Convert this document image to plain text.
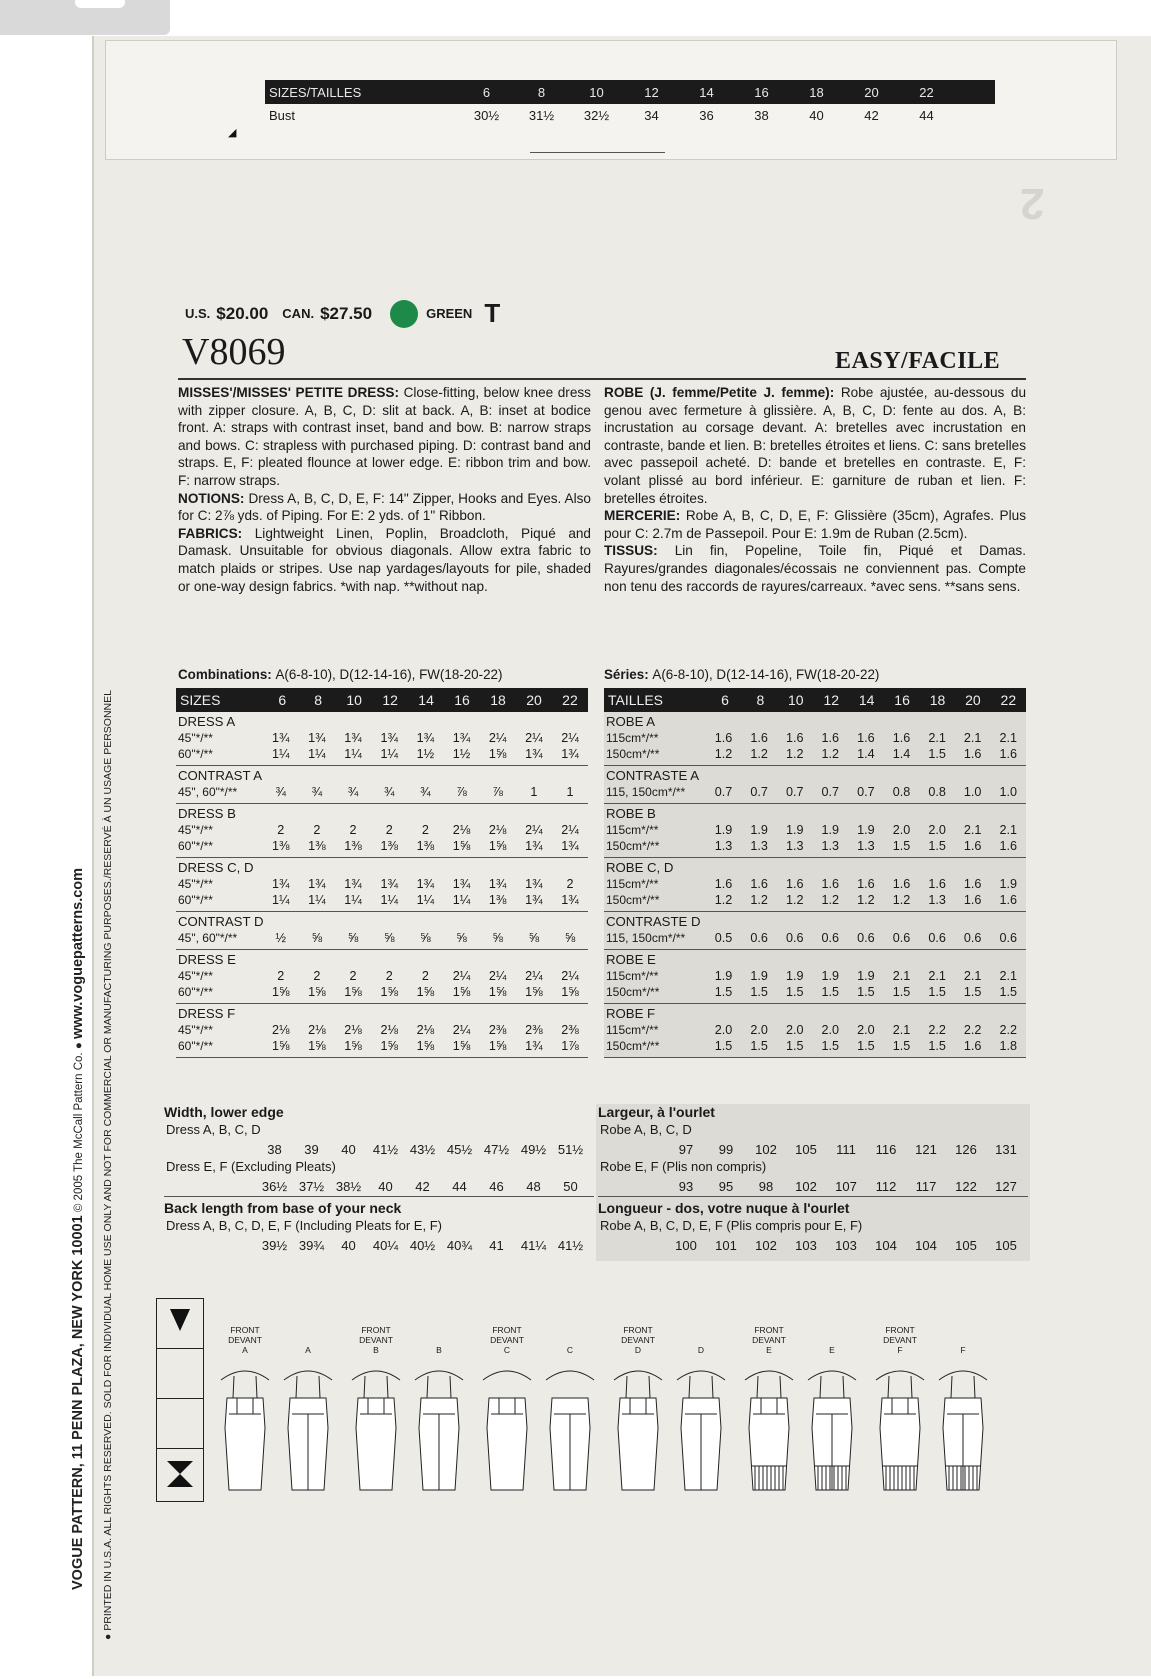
SIZES/TAILLES	6	8	10	12	14	16	18	20	22
Bust	30½	31½	32½	34	36	38	40	42	44
◢
2
VOGUE PATTERN, 11 PENN PLAZA, NEW YORK 10001 © 2005 The McCall Pattern Co. ● www.voguepatterns.com
● PRINTED IN U.S.A. ALL RIGHTS RESERVED. SOLD FOR INDIVIDUAL HOME USE ONLY AND NOT FOR COMMERCIAL OR MANUFACTURING PURPOSES./RESERVÉ À UN USAGE PERSONNEL
U.S. $20.00 CAN. $27.50	GREEN T
V8069	EASY/FACILE
MISSES'/MISSES' PETITE DRESS: Close-fitting, below knee dress with zipper closure. A, B, C, D: slit at back. A, B: inset at bodice front. A: straps with contrast inset, band and bow. B: narrow straps and bows. C: strapless with purchased piping. D: contrast band and straps. E, F: pleated flounce at lower edge. E: ribbon trim and bow. F: narrow straps.
NOTIONS: Dress A, B, C, D, E, F: 14" Zipper, Hooks and Eyes. Also for C: 2⅞ yds. of Piping. For E: 2 yds. of 1" Ribbon.
FABRICS: Lightweight Linen, Poplin, Broadcloth, Piqué and Damask. Unsuitable for obvious diagonals. Allow extra fabric to match plaids or stripes. Use nap yardages/layouts for pile, shaded or one-way design fabrics. *with nap. **without nap.
ROBE (J. femme/Petite J. femme): Robe ajustée, au-dessous du genou avec fermeture à glissière. A, B, C, D: fente au dos. A, B: incrustation au corsage devant. A: bretelles avec incrustation en contraste, bande et lien. B: bretelles étroites et liens. C: sans bretelles avec passepoil acheté. D: bande et bretelles en contraste. E, F: volant plissé au bord inférieur. E: garniture de ruban et lien. F: bretelles étroites.
MERCERIE: Robe A, B, C, D, E, F: Glissière (35cm), Agrafes. Plus pour C: 2.7m de Passepoil. Pour E: 1.9m de Ruban (2.5cm).
TISSUS: Lin fin, Popeline, Toile fin, Piqué et Damas. Rayures/grandes diagonales/écossais ne conviennent pas. Compte non tenu des raccords de rayures/carreaux. *avec sens. **sans sens.
Combinations: A(6-8-10), D(12-14-16), FW(18-20-22)	Séries: A(6-8-10), D(12-14-16), FW(18-20-22)
SIZES	6	8	10	12	14	16	18	20	22
DRESS A
45"*/**	1¾	1¾	1¾	1¾	1¾	1¾	2¼	2¼	2¼
60"*/**	1¼	1¼	1¼	1¼	1½	1½	1⅝	1¾	1¾
CONTRAST A
45", 60"*/**	¾	¾	¾	¾	¾	⅞	⅞	1	1
DRESS B
45"*/**	2	2	2	2	2	2⅛	2⅛	2¼	2¼
60"*/**	1⅜	1⅜	1⅜	1⅜	1⅜	1⅝	1⅝	1¾	1¾
DRESS C, D
45"*/**	1¾	1¾	1¾	1¾	1¾	1¾	1¾	1¾	2
60"*/**	1¼	1¼	1¼	1¼	1¼	1¼	1⅜	1¾	1¾
CONTRAST D
45", 60"*/**	½	⅝	⅝	⅝	⅝	⅝	⅝	⅝	⅝
DRESS E
45"*/**	2	2	2	2	2	2¼	2¼	2¼	2¼
60"*/**	1⅝	1⅝	1⅝	1⅝	1⅝	1⅝	1⅝	1⅝	1⅝
DRESS F
45"*/**	2⅛	2⅛	2⅛	2⅛	2⅛	2¼	2⅜	2⅜	2⅜
60"*/**	1⅝	1⅝	1⅝	1⅝	1⅝	1⅝	1⅝	1¾	1⅞
TAILLES	6	8	10	12	14	16	18	20	22
ROBE A
115cm*/**	1.6	1.6	1.6	1.6	1.6	1.6	2.1	2.1	2.1
150cm*/**	1.2	1.2	1.2	1.2	1.4	1.4	1.5	1.6	1.6
CONTRASTE A
115, 150cm*/**	0.7	0.7	0.7	0.7	0.7	0.8	0.8	1.0	1.0
ROBE B
115cm*/**	1.9	1.9	1.9	1.9	1.9	2.0	2.0	2.1	2.1
150cm*/**	1.3	1.3	1.3	1.3	1.3	1.5	1.5	1.6	1.6
ROBE C, D
115cm*/**	1.6	1.6	1.6	1.6	1.6	1.6	1.6	1.6	1.9
150cm*/**	1.2	1.2	1.2	1.2	1.2	1.2	1.3	1.6	1.6
CONTRASTE D
115, 150cm*/**	0.5	0.6	0.6	0.6	0.6	0.6	0.6	0.6	0.6
ROBE E
115cm*/**	1.9	1.9	1.9	1.9	1.9	2.1	2.1	2.1	2.1
150cm*/**	1.5	1.5	1.5	1.5	1.5	1.5	1.5	1.5	1.5
ROBE F
115cm*/**	2.0	2.0	2.0	2.0	2.0	2.1	2.2	2.2	2.2
150cm*/**	1.5	1.5	1.5	1.5	1.5	1.5	1.5	1.6	1.8
Width, lower edge
Dress A, B, C, D
38	39	40	41½ 43½ 45½ 47½ 49½ 51½
Dress E, F (Excluding Pleats)
36½ 37½ 38½	40	42	44	46	48	50
Back length from base of your neck
Dress A, B, C, D, E, F (Including Pleats for E, F)
39½ 39¾	40	40¼ 40½ 40¾	41	41¼ 41½
Largeur, à l'ourlet
Robe A, B, C, D
97	99	102	105	111	116	121	126	131
Robe E, F (Plis non compris)
93	95	98	102	107	112	117	122	127
Longueur - dos, votre nuque à l'ourlet
Robe A, B, C, D, E, F (Plis compris pour E, F)
100	101	102	103	103	104	104	105	105
FRONT
DEVANT
A	A
FRONT
DEVANT
B	B
FRONT
DEVANT
C	C
FRONT
DEVANT
D	D
FRONT
DEVANT
E	E
FRONT
DEVANT
F	F
